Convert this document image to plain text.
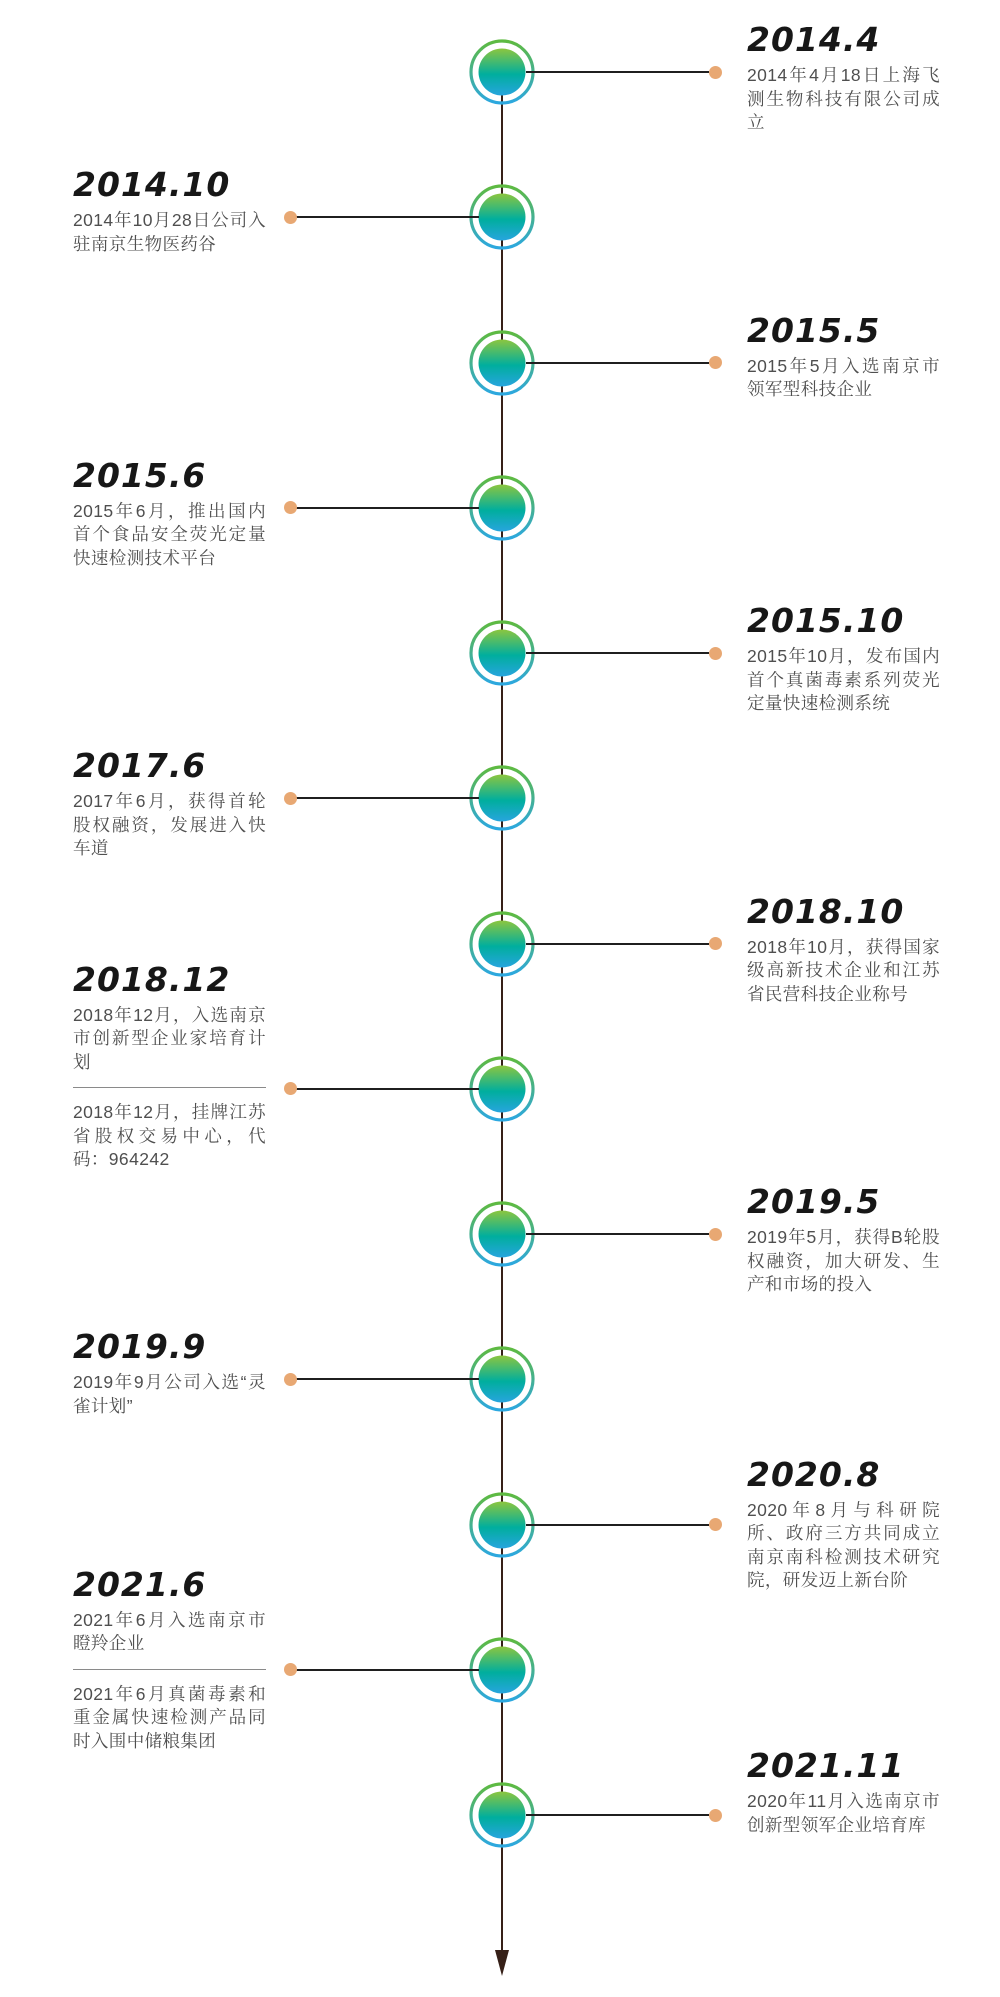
2014.4

2014年4月18日上海飞测生物科技有限公司成立

2014.10

2014年10月28日公司入驻南京生物医药谷

2015.5

2015年5月入选南京市领军型科技企业

2015.6

2015年6月，推出国内首个食品安全荧光定量快速检测技术平台

2015.10

2015年10月，发布国内首个真菌毒素系列荧光定量快速检测系统

2017.6

2017年6月，获得首轮股权融资，发展进入快车道

2018.10

2018年10月，获得国家级高新技术企业和江苏省民营科技企业称号

2018.12

2018年12月，入选南京市创新型企业家培育计划

2018年12月，挂牌江苏省股权交易中心，代码：964242

2019.5

2019年5月，获得B轮股权融资，加大研发、生产和市场的投入

2019.9

2019年9月公司入选“灵雀计划”

2020.8

2020年8月与科研院所、政府三方共同成立南京南科检测技术研究院，研发迈上新台阶

2021.6

2021年6月入选南京市瞪羚企业

2021年6月真菌毒素和重金属快速检测产品同时入围中储粮集团

2021.11

2020年11月入选南京市创新型领军企业培育库
